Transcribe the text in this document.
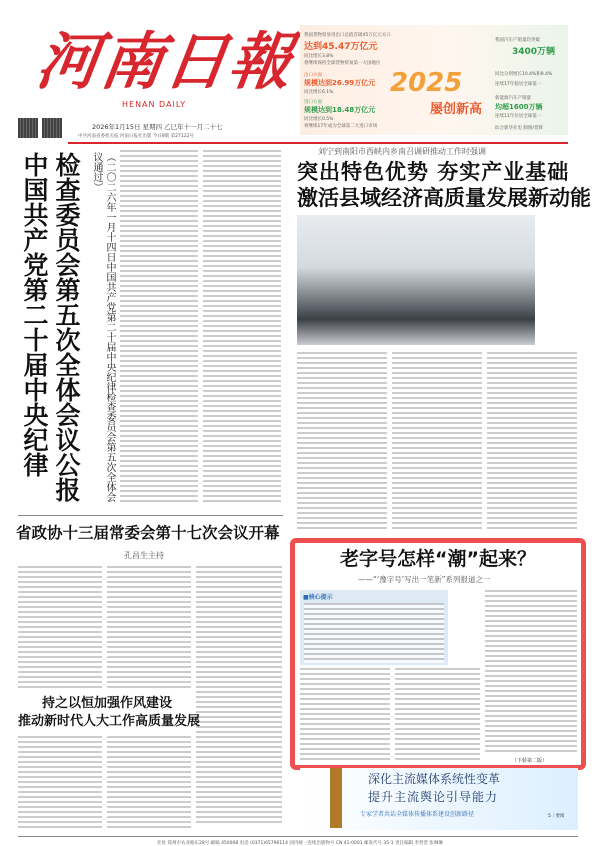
河南日報
HENAN DAILY
2026年1月15日 星期四 乙巳年十一月二十七
中共河南省委机关报 河南日报社出版 今日8版 第27122号
我国货物贸易进出口总值首破45万亿元关口
达到45.47万亿元
同比增长3.8%
将继续保持全球货物贸易第一大国地位
出口方面
规模达到26.99万亿元
同比增长6.1%
进口方面
规模达到18.48万亿元
同比增长0.5%
将继续17年成为全球第二大进口市场
我国汽车产销量均突破
3400万辆
同比分别增长10.4%和9.4%
连续17年稳居全球第一
新能源汽车产销量
均超1600万辆
连续11年位居全球第一
综合新华社电 制图/贺辉
2025
屡创新高
中国共产党第二十届中央纪律 检查委员会第五次全体会议公报	（二〇二六年一月十四日中国共产党第二十届中央纪律检查委员会第五次全体会议通过）
刘宁到南阳市西峡内乡南召调研推动工作时强调
突出特色优势 夯实产业基础
激活县域经济高质量发展新动能
省政协十三届常委会第十七次会议开幕
孔昌生主持
持之以恒加强作风建设
推动新时代人大工作高质量发展
老字号怎样“潮”起来？
——“‘豫字号’写出一笔新”系列报道之一
■核心提示
（下转第二版）
深化主流媒体系统性变革
提升主流舆论引导能力
专家学者共话全媒体传播体系建设创新路径	5｜要闻
社址 郑州市农业路东28号 邮编 450008 电话 (0371)65796114 国内统一连续出版物号 CN 41-0001 邮发代号 35-1 责任编辑 李营营 张琳琳
